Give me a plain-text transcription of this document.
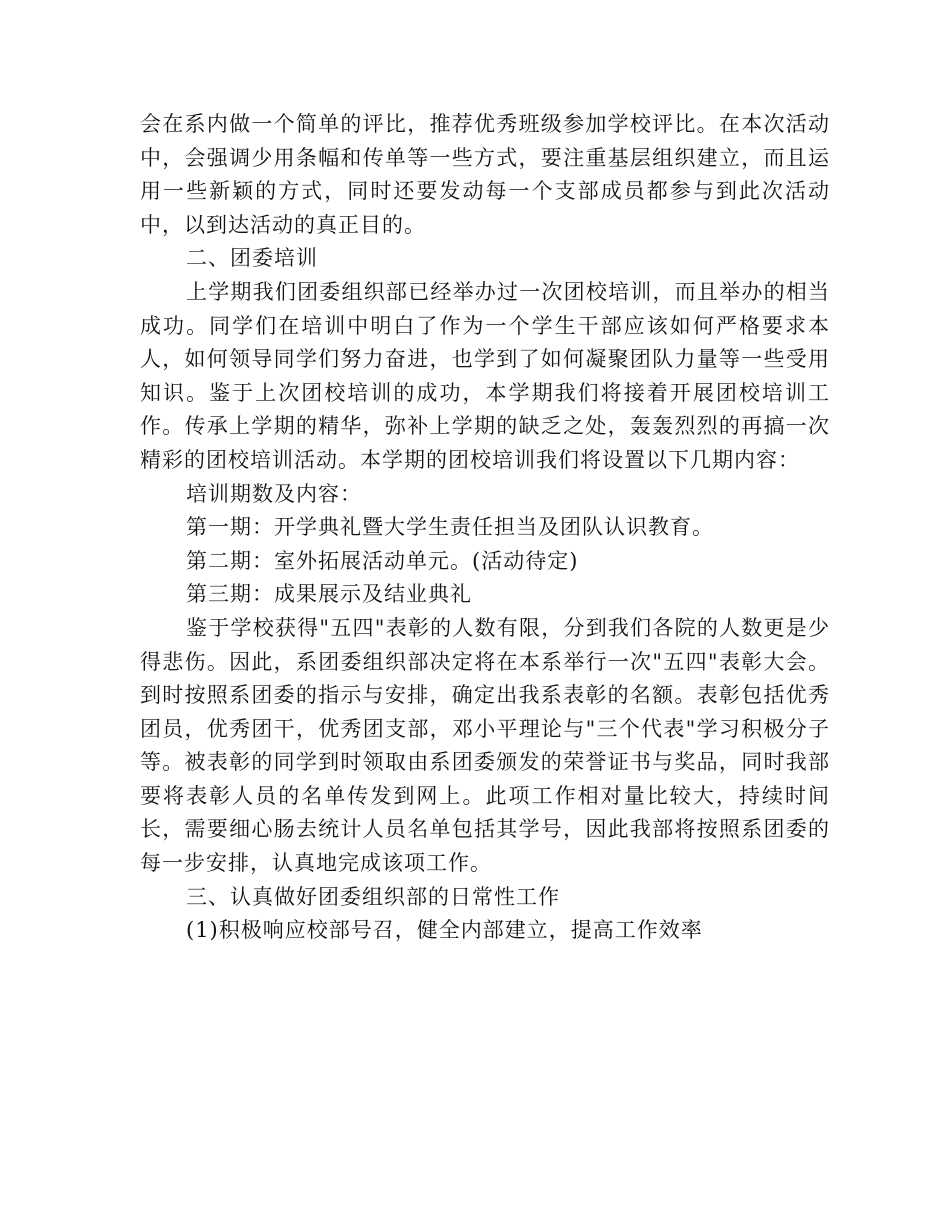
会在系内做一个简单的评比，推荐优秀班级参加学校评比。在本次活动中，会强调少用条幅和传单等一些方式，要注重基层组织建立，而且运用一些新颖的方式，同时还要发动每一个支部成员都参与到此次活动中，以到达活动的真正目的。

二、团委培训

上学期我们团委组织部已经举办过一次团校培训，而且举办的相当成功。同学们在培训中明白了作为一个学生干部应该如何严格要求本人，如何领导同学们努力奋进，也学到了如何凝聚团队力量等一些受用知识。鉴于上次团校培训的成功，本学期我们将接着开展团校培训工作。传承上学期的精华，弥补上学期的缺乏之处，轰轰烈烈的再搞一次精彩的团校培训活动。本学期的团校培训我们将设置以下几期内容：

培训期数及内容：

第一期：开学典礼暨大学生责任担当及团队认识教育。

第二期：室外拓展活动单元。(活动待定)

第三期：成果展示及结业典礼

鉴于学校获得"五四"表彰的人数有限，分到我们各院的人数更是少得悲伤。因此，系团委组织部决定将在本系举行一次"五四"表彰大会。到时按照系团委的指示与安排，确定出我系表彰的名额。表彰包括优秀团员，优秀团干，优秀团支部，邓小平理论与"三个代表"学习积极分子等。被表彰的同学到时领取由系团委颁发的荣誉证书与奖品，同时我部要将表彰人员的名单传发到网上。此项工作相对量比较大，持续时间长，需要细心肠去统计人员名单包括其学号，因此我部将按照系团委的每一步安排，认真地完成该项工作。

三、认真做好团委组织部的日常性工作

(1)积极响应校部号召，健全内部建立，提高工作效率
